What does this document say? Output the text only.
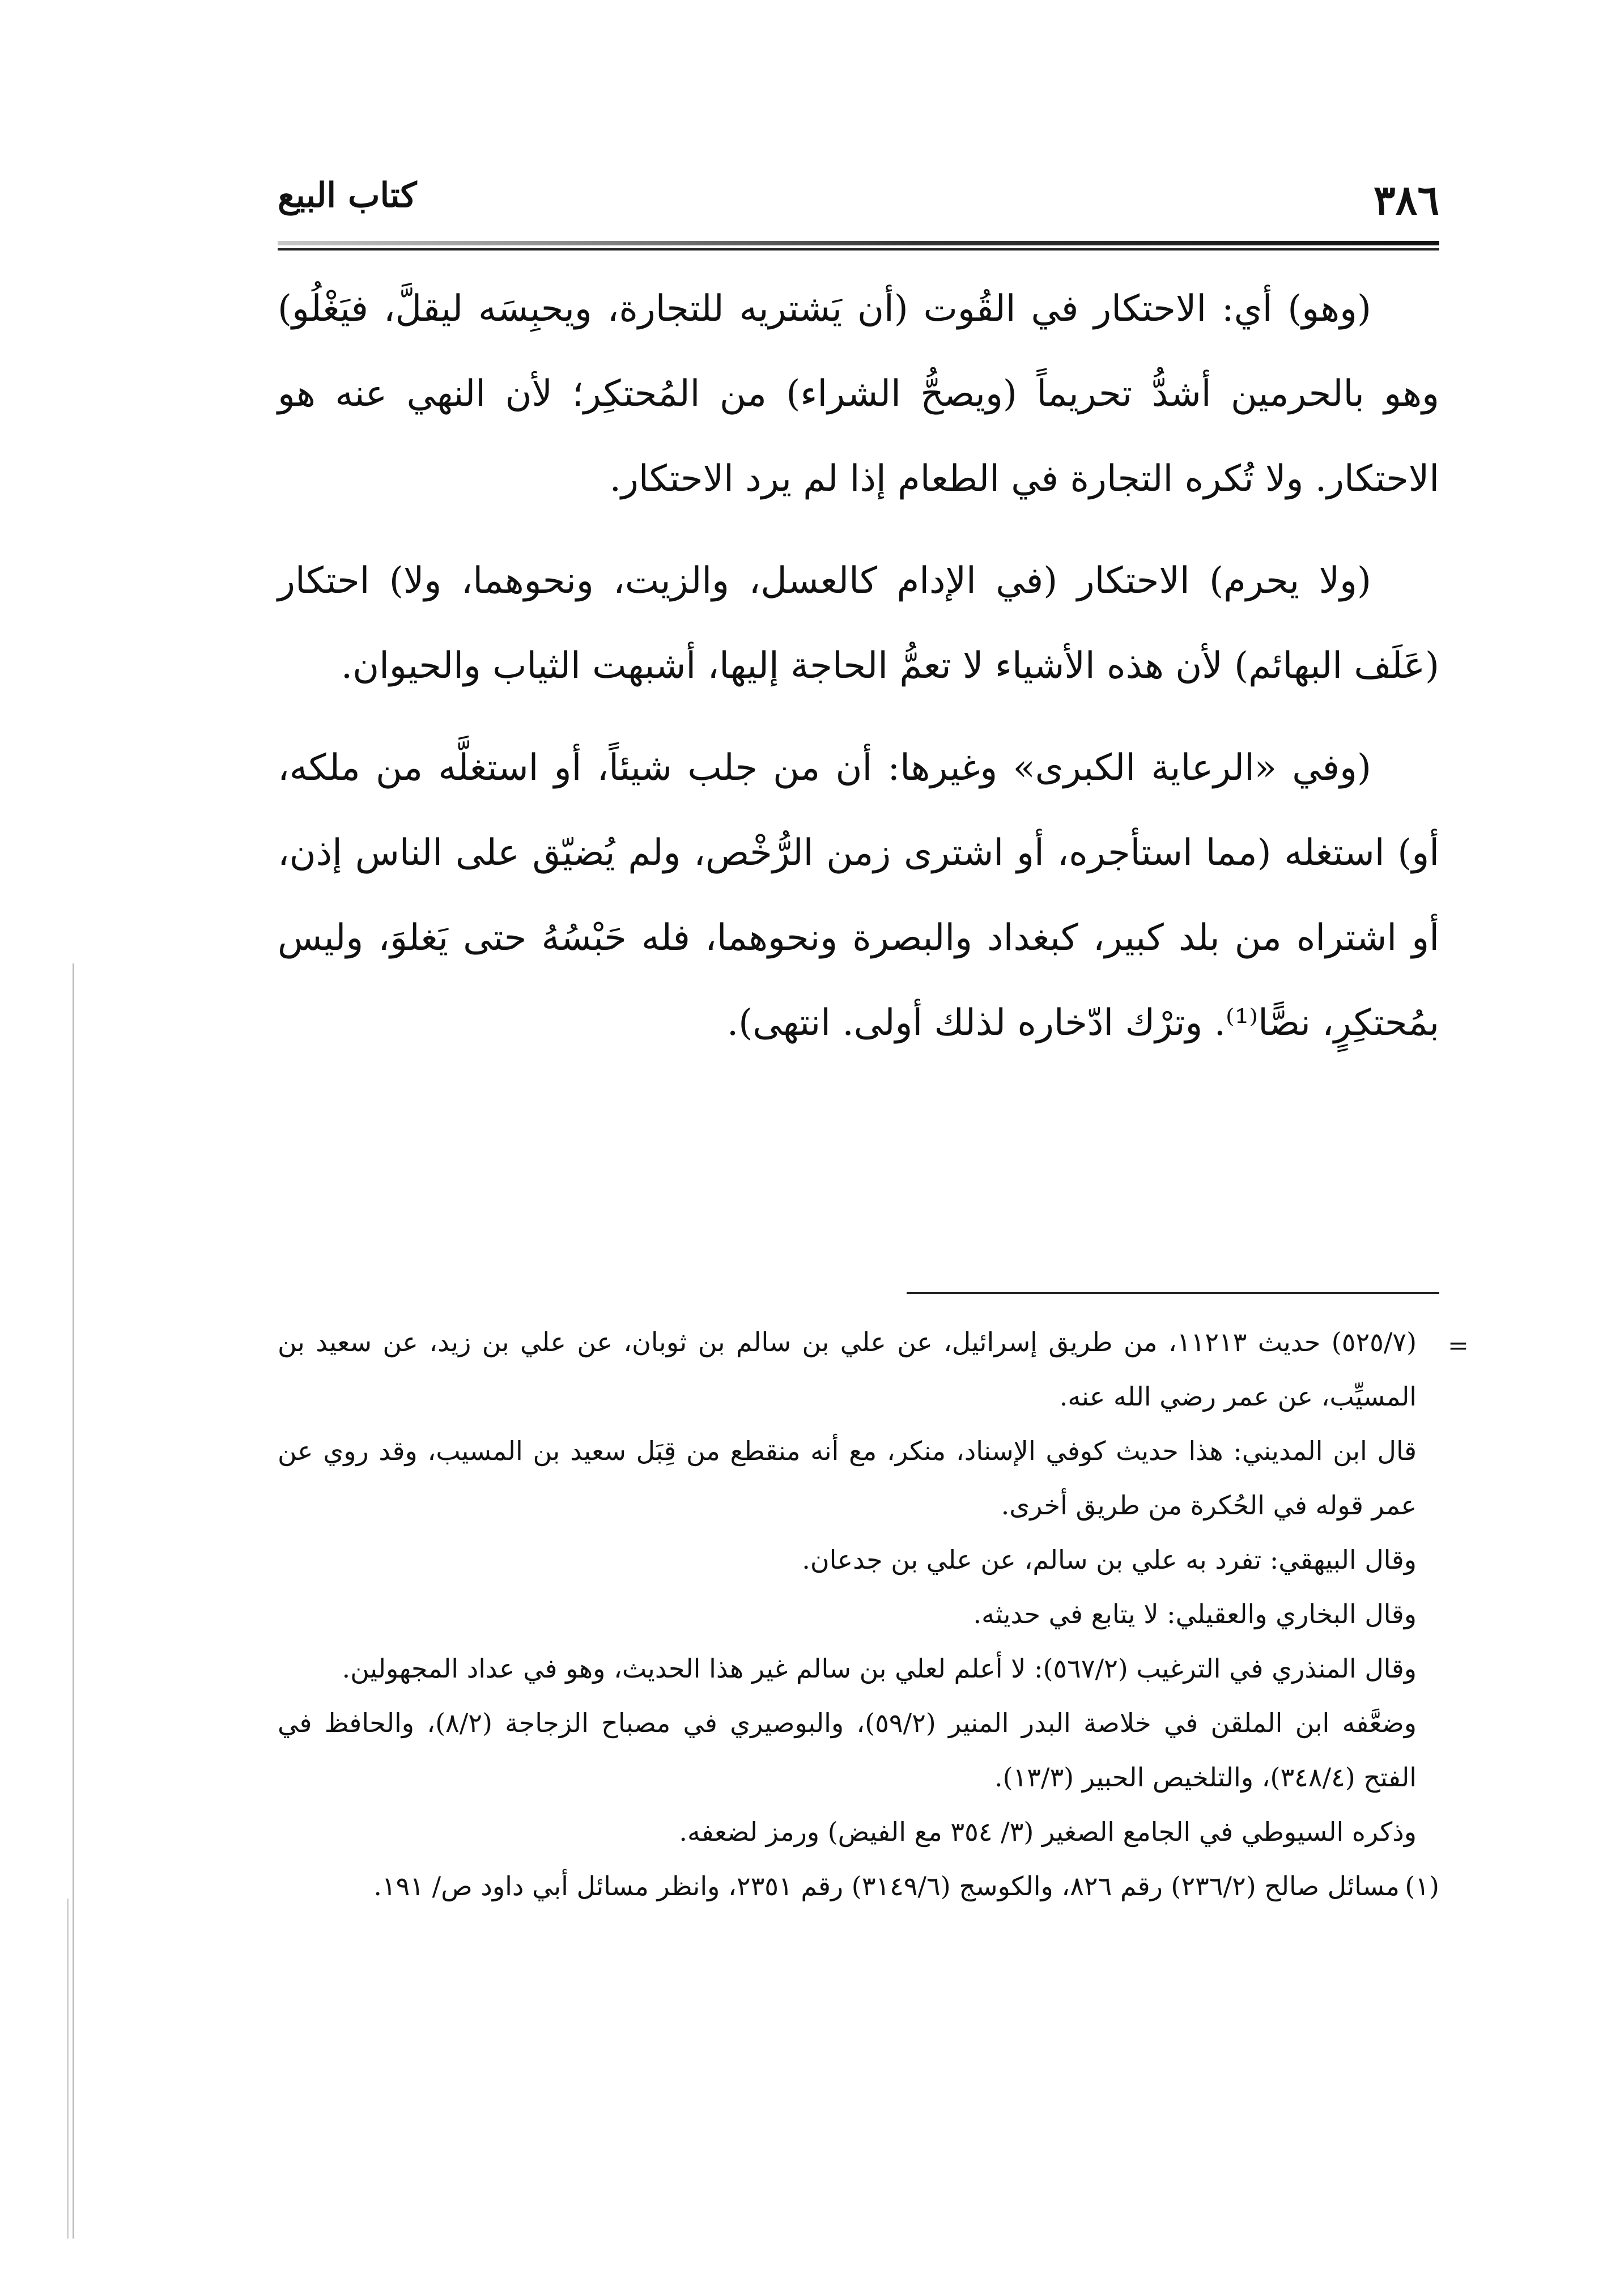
كتاب البيع	٣٨٦

(وهو) أي: الاحتكار في القُوت (أن يَشتريه للتجارة، ويحبِسَه ليقلَّ، فيَغْلُو) وهو بالحرمين أشدُّ تحريماً (ويصحُّ الشراء) من المُحتكِر؛ لأن النهي عنه هو الاحتكار. ولا تُكره التجارة في الطعام إذا لم يرد الاحتكار.

(ولا يحرم) الاحتكار (في الإدام كالعسل، والزيت، ونحوهما، ولا) احتكار (عَلَف البهائم) لأن هذه الأشياء لا تعمُّ الحاجة إليها، أشبهت الثياب والحيوان.

(وفي «الرعاية الكبرى» وغيرها: أن من جلب شيئاً، أو استغلَّه من ملكه، أو) استغله (مما استأجره، أو اشترى زمن الرُّخْص، ولم يُضيّق على الناس إذن، أو اشتراه من بلد كبير، كبغداد والبصرة ونحوهما، فله حَبْسُهُ حتى يَغلوَ، وليس بمُحتكِرٍ، نصًّا⁽¹⁾. وترْك ادّخاره لذلك أولى. انتهى).

=

(٥٢٥/٧) حديث ١١٢١٣، من طريق إسرائيل، عن علي بن سالم بن ثوبان، عن علي بن زيد، عن سعيد بن المسيِّب، عن عمر رضي الله عنه.

قال ابن المديني: هذا حديث كوفي الإسناد، منكر، مع أنه منقطع من قِبَل سعيد بن المسيب، وقد روي عن عمر قوله في الحُكرة من طريق أخرى.

وقال البيهقي: تفرد به علي بن سالم، عن علي بن جدعان.

وقال البخاري والعقيلي: لا يتابع في حديثه.

وقال المنذري في الترغيب (٥٦٧/٢): لا أعلم لعلي بن سالم غير هذا الحديث، وهو في عداد المجهولين.

وضعَّفه ابن الملقن في خلاصة البدر المنير (٥٩/٢)، والبوصيري في مصباح الزجاجة (٨/٢)، والحافظ في الفتح (٣٤٨/٤)، والتلخيص الحبير (١٣/٣).

وذكره السيوطي في الجامع الصغير (٣/ ٣٥٤ مع الفيض) ورمز لضعفه.

(١)
مسائل صالح (٢٣٦/٢) رقم ٨٢٦، والكوسج (٣١٤٩/٦) رقم ٢٣٥١، وانظر مسائل أبي داود ص/ ١٩١.
